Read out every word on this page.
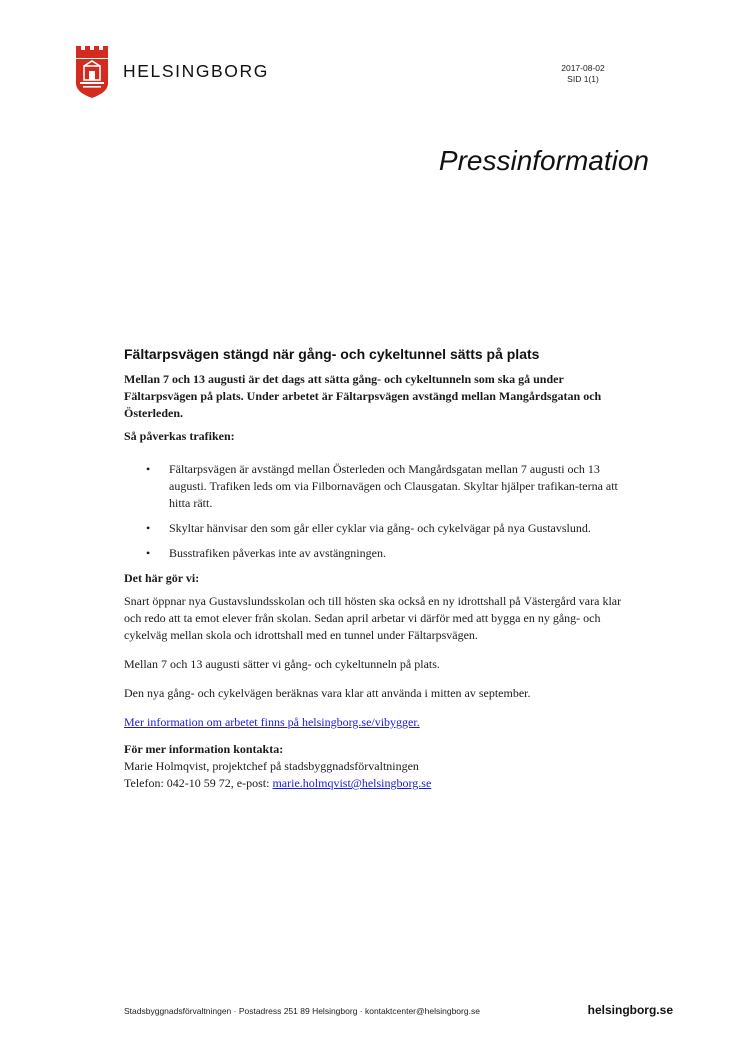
HELSINGBORG	2017-08-02
SID 1(1)
Pressinformation
Fältarpsvägen stängd när gång- och cykeltunnel sätts på plats

Mellan 7 och 13 augusti är det dags att sätta gång- och cykeltunneln som ska gå under Fältarpsvägen på plats. Under arbetet är Fältarpsvägen avstängd mellan Mangårdsgatan och Österleden.

Så påverkas trafiken:

• Fältarpsvägen är avstängd mellan Österleden och Mangårdsgatan mellan 7 augusti och 13 augusti. Trafiken leds om via Filbornavägen och Clausgatan. Skyltar hjälper trafikan-terna att hitta rätt.
• Skyltar hänvisar den som går eller cyklar via gång- och cykelvägar på nya Gustavslund.
• Busstrafiken påverkas inte av avstängningen.

Det här gör vi:

Snart öppnar nya Gustavslundsskolan och till hösten ska också en ny idrottshall på Västergård vara klar och redo att ta emot elever från skolan. Sedan april arbetar vi därför med att bygga en ny gång- och cykelväg mellan skola och idrottshall med en tunnel under Fältarpsvägen.

Mellan 7 och 13 augusti sätter vi gång- och cykeltunneln på plats.

Den nya gång- och cykelvägen beräknas vara klar att använda i mitten av september.

Mer information om arbetet finns på helsingborg.se/vibygger.

För mer information kontakta:
Marie Holmqvist, projektchef på stadsbyggnadsförvaltningen
Telefon: 042-10 59 72, e-post: marie.holmqvist@helsingborg.se
Stadsbyggnadsförvaltningen · Postadress 251 89 Helsingborg · kontaktcenter@helsingborg.se	helsingborg.se
